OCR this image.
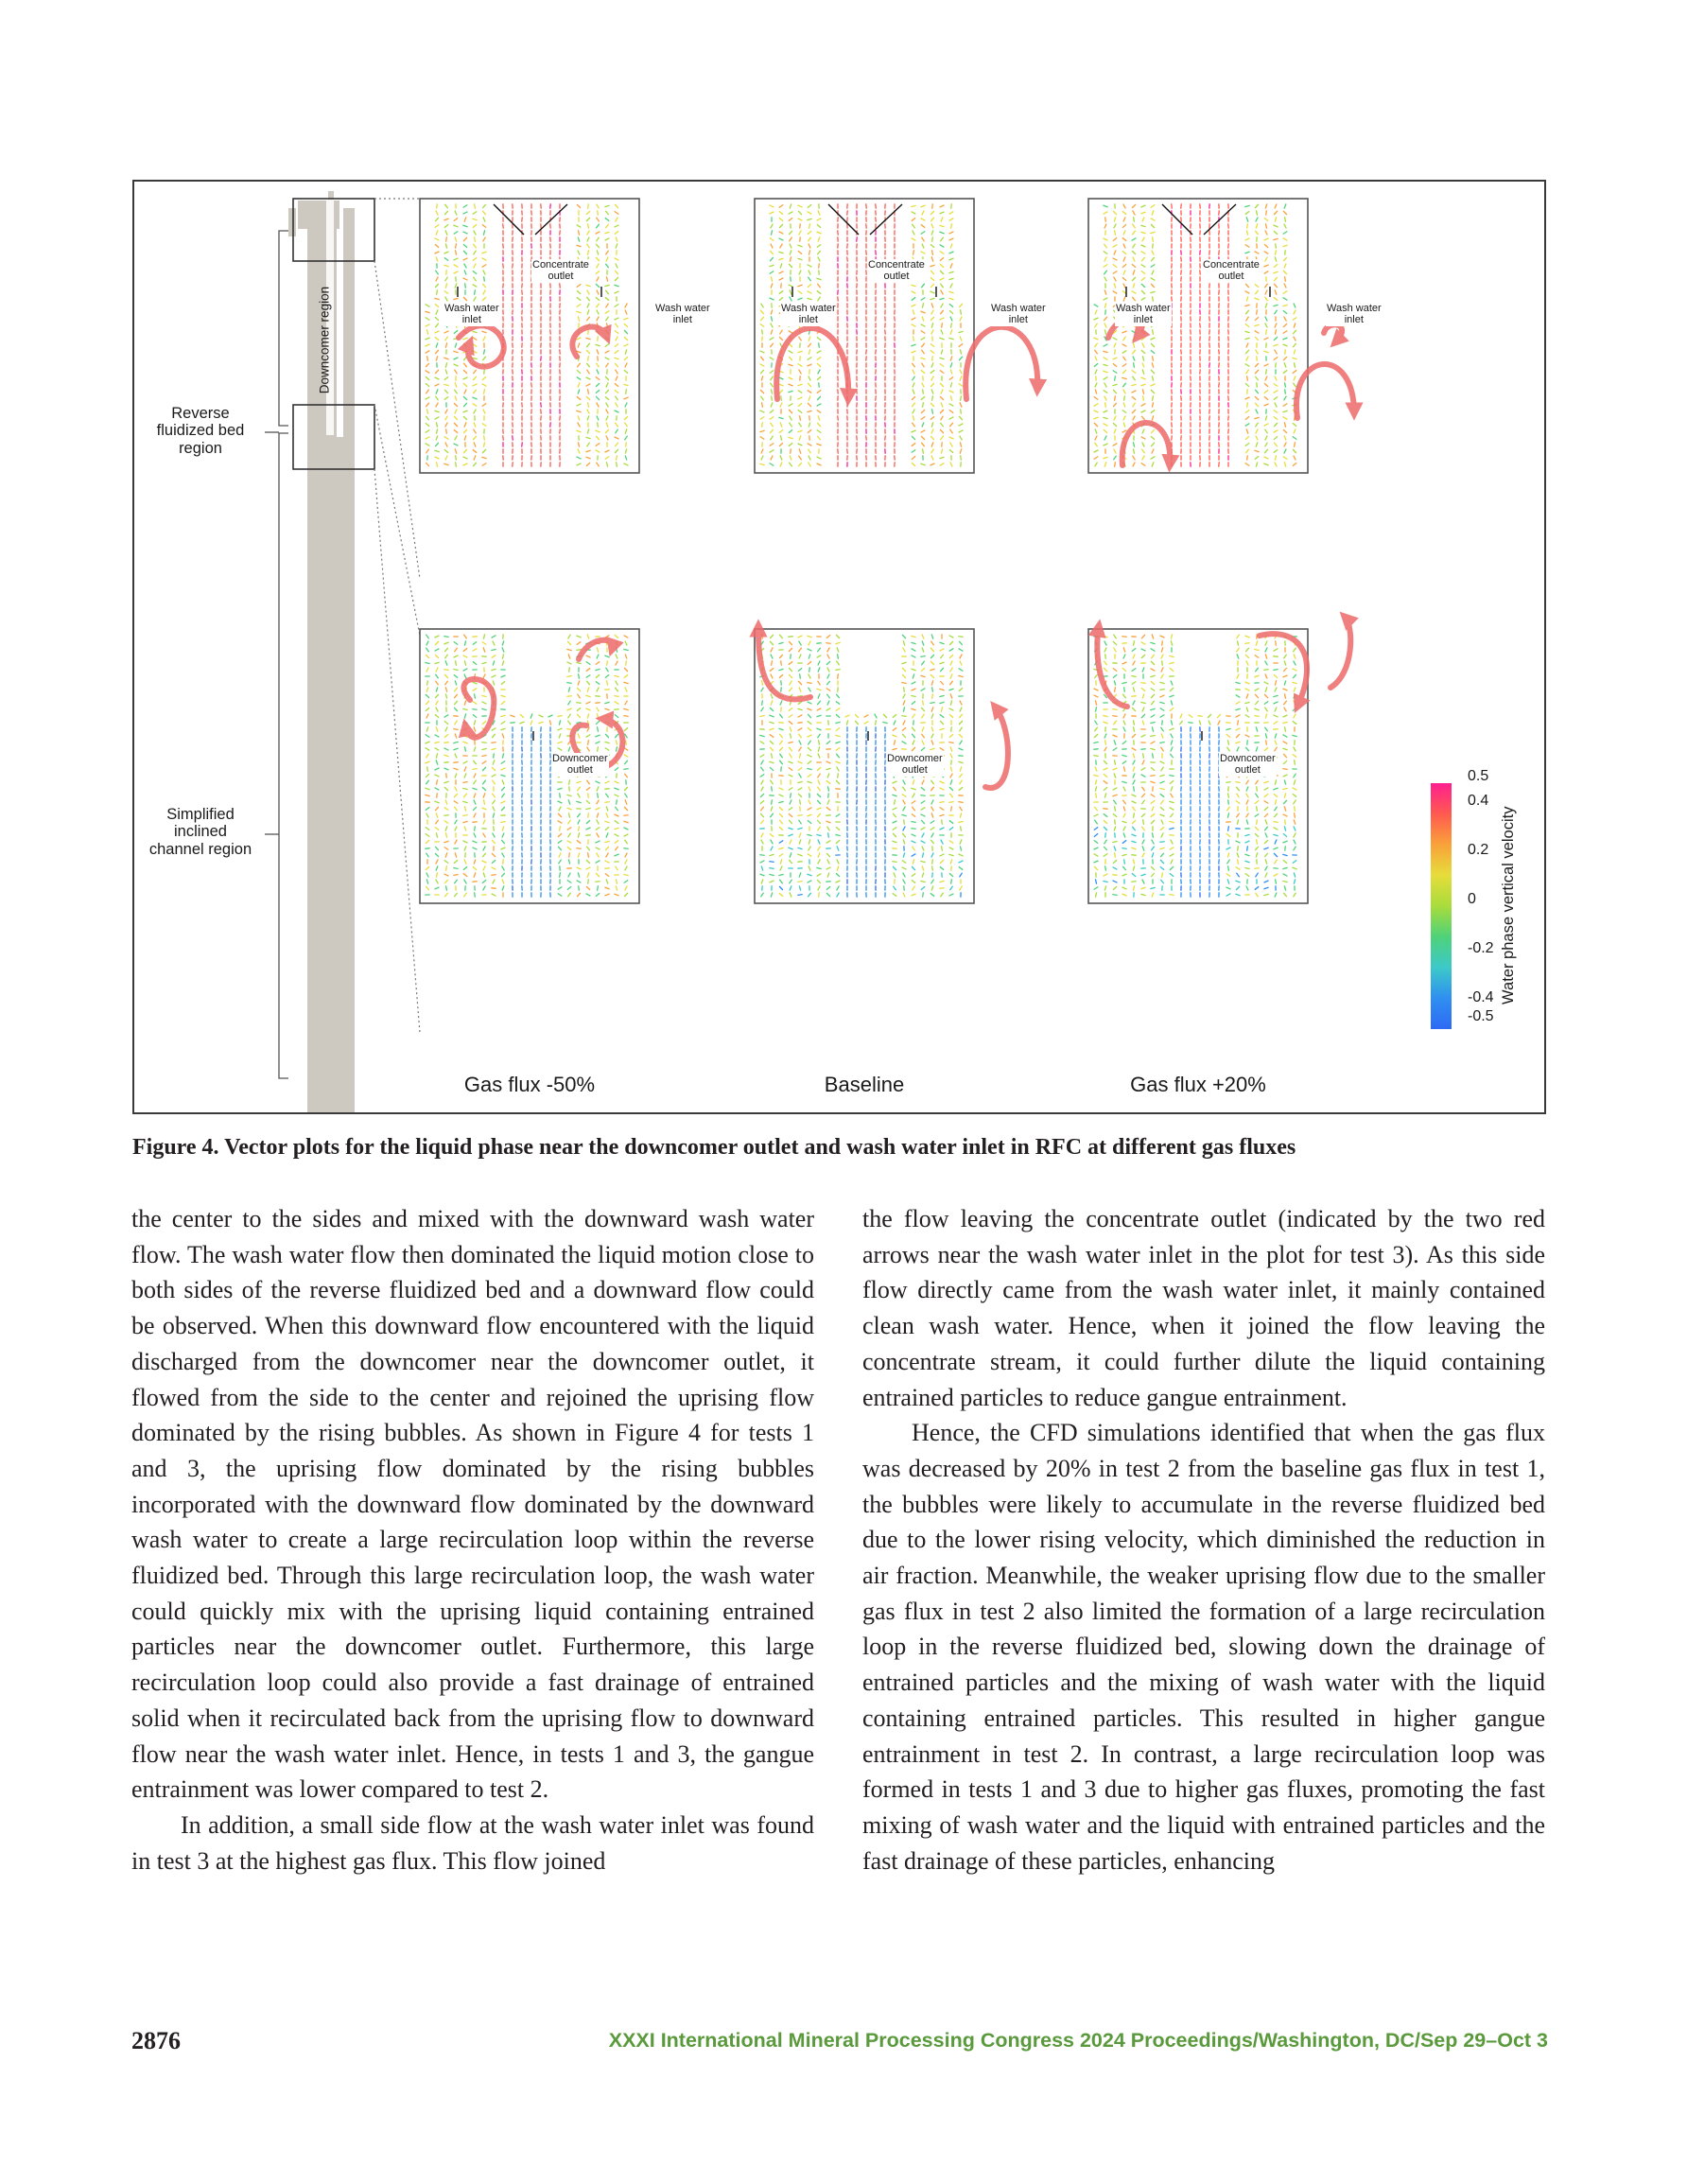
Downcomer region
Reverse
fluidized bed
region
Simplified
inclined
channel region
Concentrate
outlet
Concentrate
outlet
Concentrate
outlet
Wash water
inlet
Wash water
inlet
Wash water
inlet
Wash water
inlet
Wash water
inlet
Wash water
inlet
Downcomer
outlet
Downcomer
outlet
Downcomer
outlet

Gas flux -50%	Baseline	Gas flux +20%

0.5
0.4
0.2
0
-0.2
-0.4
-0.5
Water phase vertical velocity
Figure 4. Vector plots for the liquid phase near the downcomer outlet and wash water inlet in RFC at different gas fluxes

the center to the sides and mixed with the downward wash water flow. The wash water flow then dominated the liquid motion close to both sides of the reverse fluidized bed and a downward flow could be observed. When this downward flow encountered with the liquid discharged from the downcomer near the downcomer outlet, it flowed from the side to the center and rejoined the uprising flow dominated by the rising bubbles. As shown in Figure 4 for tests 1 and 3, the uprising flow dominated by the rising bubbles incorporated with the downward flow dominated by the downward wash water to create a large recirculation loop within the reverse fluidized bed. Through this large recirculation loop, the wash water could quickly mix with the uprising liquid containing entrained particles near the downcomer outlet. Furthermore, this large recirculation loop could also provide a fast drainage of entrained solid when it recirculated back from the uprising flow to downward flow near the wash water inlet. Hence, in tests 1 and 3, the gangue entrainment was lower compared to test 2.

In addition, a small side flow at the wash water inlet was found in test 3 at the highest gas flux. This flow joined

the flow leaving the concentrate outlet (indicated by the two red arrows near the wash water inlet in the plot for test 3). As this side flow directly came from the wash water inlet, it mainly contained clean wash water. Hence, when it joined the flow leaving the concentrate stream, it could further dilute the liquid containing entrained particles to reduce gangue entrainment.

Hence, the CFD simulations identified that when the gas flux was decreased by 20% in test 2 from the baseline gas flux in test 1, the bubbles were likely to accumulate in the reverse fluidized bed due to the lower rising velocity, which diminished the reduction in air fraction. Meanwhile, the weaker uprising flow due to the smaller gas flux in test 2 also limited the formation of a large recirculation loop in the reverse fluidized bed, slowing down the drainage of entrained particles and the mixing of wash water with the liquid containing entrained particles. This resulted in higher gangue entrainment in test 2. In contrast, a large recirculation loop was formed in tests 1 and 3 due to higher gas fluxes, promoting the fast mixing of wash water and the liquid with entrained particles and the fast drainage of these particles, enhancing

2876	XXXI International Mineral Processing Congress 2024 Proceedings/Washington, DC/Sep 29–Oct 3
